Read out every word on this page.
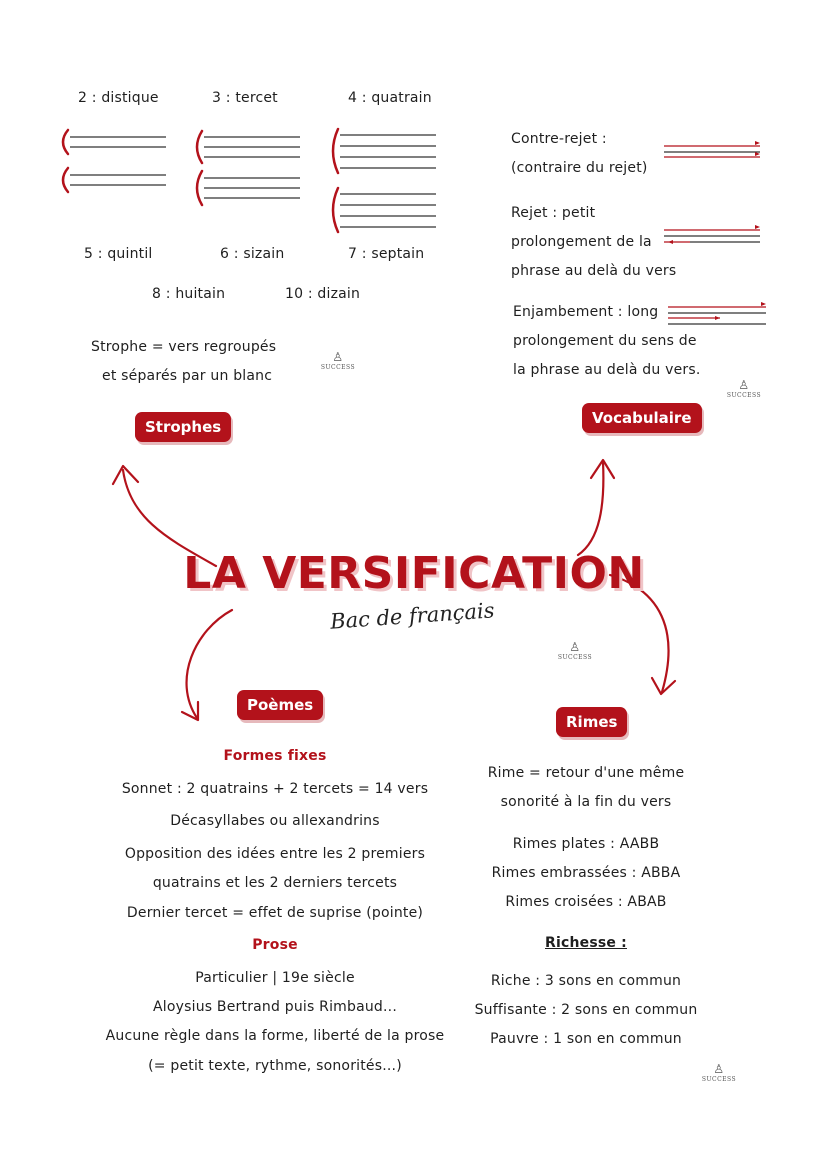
2 : distique	3 : tercet	4 : quatrain
5 : quintil	6 : sizain	7 : septain
8 : huitain	10 : dizain
Strophe = vers regroupés
et séparés par un blanc
Strophes
Contre-rejet :
(contraire du rejet)
Rejet : petit
prolongement de la
phrase au delà du vers
Enjambement : long
prolongement du sens de
la phrase au delà du vers.
Vocabulaire
♙
SUCCESS
♙
SUCCESS
♙
SUCCESS
♙
SUCCESS
LA VERSIFICATION
Bac de français
Poèmes
Formes fixes
Sonnet : 2 quatrains + 2 tercets = 14 vers
Décasyllabes ou allexandrins
Opposition des idées entre les 2 premiers
quatrains et les 2 derniers tercets
Dernier tercet = effet de suprise (pointe)
Prose
Particulier | 19e siècle
Aloysius Bertrand puis Rimbaud...
Aucune règle dans la forme, liberté de la prose
(= petit texte, rythme, sonorités...)
Rimes
Rime = retour d'une même
sonorité à la fin du vers
Rimes plates : AABB
Rimes embrassées : ABBA
Rimes croisées : ABAB
Richesse :
Riche : 3 sons en commun
Suffisante : 2 sons en commun
Pauvre : 1 son en commun
